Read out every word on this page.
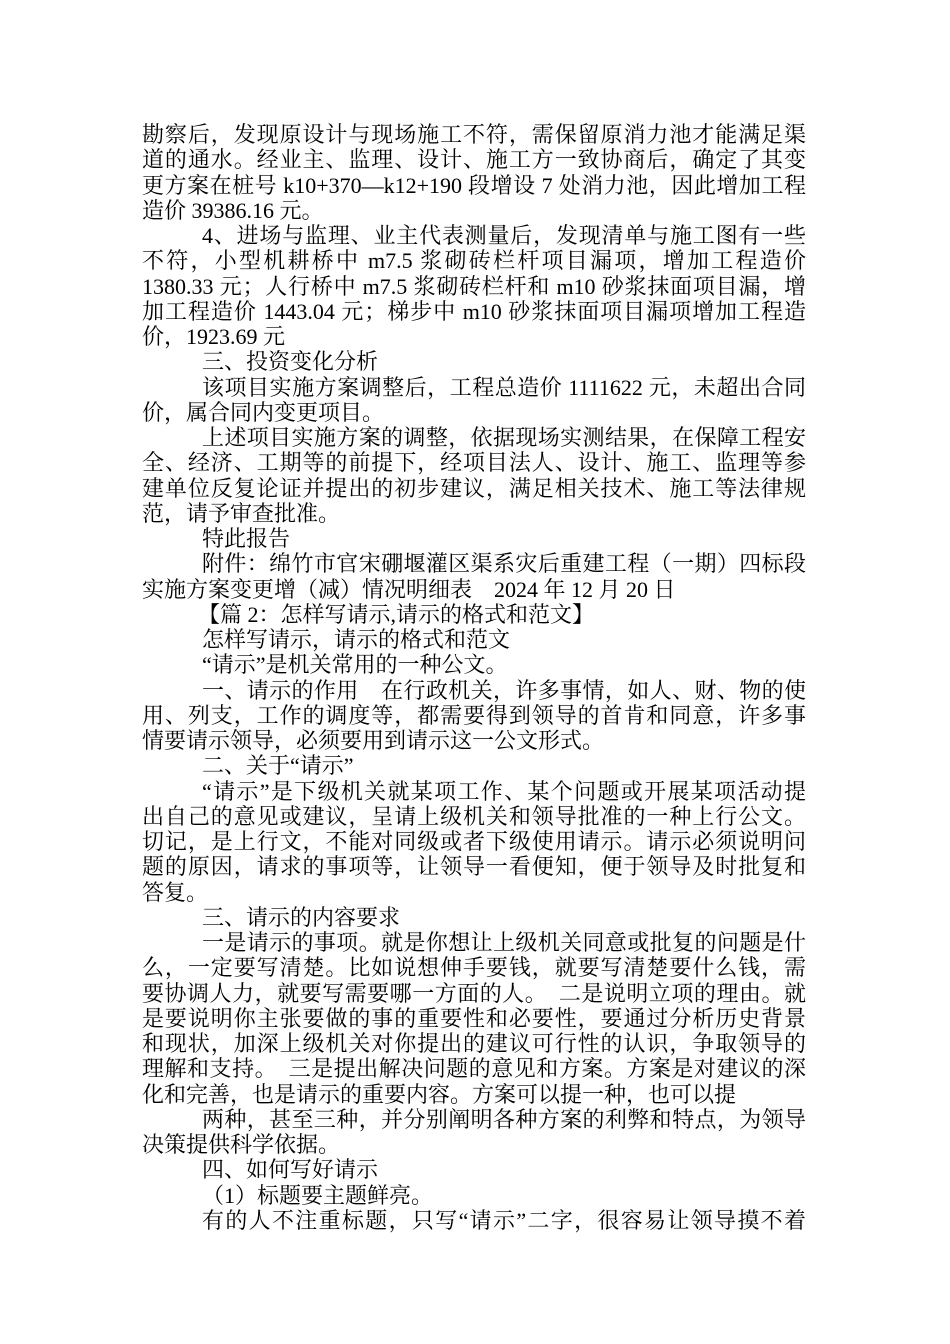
勘察后，发现原设计与现场施工不符，需保留原消力池才能满足渠
道的通水。经业主、监理、设计、施工方一致协商后，确定了其变
更方案在桩号 k10+370—k12+190 段增设 7 处消力池，因此增加工程
造价 39386.16 元。
4、进场与监理、业主代表测量后，发现清单与施工图有一些
不符，小型机耕桥中 m7.5 浆砌砖栏杆项目漏项，增加工程造价
1380.33 元；人行桥中 m7.5 浆砌砖栏杆和 m10 砂浆抹面项目漏，增
加工程造价 1443.04 元；梯步中 m10 砂浆抹面项目漏项增加工程造
价，1923.69 元
三、投资变化分析
该项目实施方案调整后，工程总造价 1111622 元，未超出合同
价，属合同内变更项目。
上述项目实施方案的调整，依据现场实测结果，在保障工程安
全、经济、工期等的前提下，经项目法人、设计、施工、监理等参
建单位反复论证并提出的初步建议，满足相关技术、施工等法律规
范，请予审查批准。
特此报告
附件：绵竹市官宋硼堰灌区渠系灾后重建工程（一期）四标段
实施方案变更增（减）情况明细表　2024 年 12 月 20 日
【篇 2：怎样写请示,请示的格式和范文】
怎样写请示，请示的格式和范文
“请示”是机关常用的一种公文。
一、请示的作用　在行政机关，许多事情，如人、财、物的使
用、列支，工作的调度等，都需要得到领导的首肯和同意，许多事
情要请示领导，必须要用到请示这一公文形式。
二、关于“请示”
“请示”是下级机关就某项工作、某个问题或开展某项活动提
出自己的意见或建议，呈请上级机关和领导批准的一种上行公文。
切记，是上行文，不能对同级或者下级使用请示。请示必须说明问
题的原因，请求的事项等，让领导一看便知，便于领导及时批复和
答复。
三、请示的内容要求
一是请示的事项。就是你想让上级机关同意或批复的问题是什
么，一定要写清楚。比如说想伸手要钱，就要写清楚要什么钱，需
要协调人力，就要写需要哪一方面的人。　二是说明立项的理由。就
是要说明你主张要做的事的重要性和必要性，要通过分析历史背景
和现状，加深上级机关对你提出的建议可行性的认识，争取领导的
理解和支持。　三是提出解决问题的意见和方案。方案是对建议的深
化和完善，也是请示的重要内容。方案可以提一种，也可以提
两种，甚至三种，并分别阐明各种方案的利弊和特点，为领导
决策提供科学依据。
四、如何写好请示
（1）标题要主题鲜亮。
有的人不注重标题，只写“请示”二字，很容易让领导摸不着
